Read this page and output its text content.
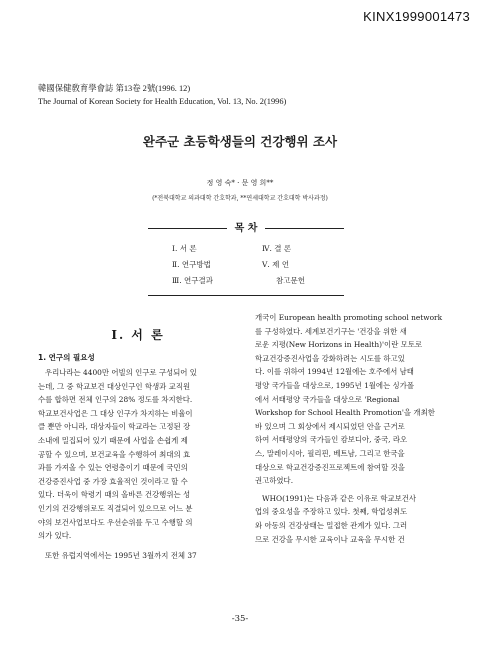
KINX1999001473
韓國保健敎育學會誌 第13卷 2號(1996. 12)
The Journal of Korean Society for Health Education, Vol. 13, No. 2(1996)
완주군 초등학생들의 건강행위 조사
정 영 숙* · 문 영 희**
(*전북대학교 의과대학 간호학과, **연세대학교 간호대학 박사과정)
목 차
Ⅰ. 서 론
Ⅱ. 연구방법
Ⅲ. 연구결과
Ⅳ. 결 론
Ⅴ. 제 언
참고문헌
Ⅰ. 서 론
1. 연구의 필요성
우리나라는 4400만 어빌의 인구로 구성되어 있
는데, 그 중 학교보건 대상인구인 학생과 교직원
수를 합하면 전체 인구의 28% 정도를 차지한다.
학교보건사업은 그 대상 인구가 차지하는 비율이
클 뿐만 아니라, 대상자들이 학교라는 고정된 장
소내에 밀집되어 있기 때문에 사업을 손쉽게 제
공할 수 있으며, 보건교육을 수행하여 최대의 효
과를 가져올 수 있는 연령층이기 때문에 국민의
건강증진사업 중 가장 효율적인 것이라고 할 수
있다. 더욱이 학령기 때의 올바른 건강행위는 성
인기의 건강행위로도 직결되어 있으므로 어느 분
야의 보건사업보다도 우선순위를 두고 수행할 의
의가 있다.
또한 유럽지역에서는 1995년 3월까지 전체 37
개국이 European health promoting school network
를 구성하였다. 세계보건기구는 '건강을 위한 새
로운 지평(New Horizons in Health)'이란 모토로
학교건강증진사업을 강화하려는 시도를 하고있
다. 이를 위하여 1994년 12월에는 호주에서 남태
평양 국가들을 대상으로, 1995년 1월에는 싱가폴
에서 서태평양 국가들을 대상으로 'Regional
Workshop for School Health Promotion'을 개최한
바 있으며 그 회상에서 제시되었던 안을 근거로
하여 서태평양의 국가들인 캄보디아, 중국, 라오
스, 말레이시아, 필리핀, 베트남, 그리고 한국을
대상으로 학교건강증진프로젝트에 참여할 것을
권고하였다.
WHO(1991)는 다음과 같은 이유로 학교보건사
업의 중요성을 주장하고 있다. 첫째, 학업성취도
와 아동의 건강상태는 밀접한 관계가 있다. 그러
므로 건강을 무시한 교육이나 교육을 무시한 건
-35-
